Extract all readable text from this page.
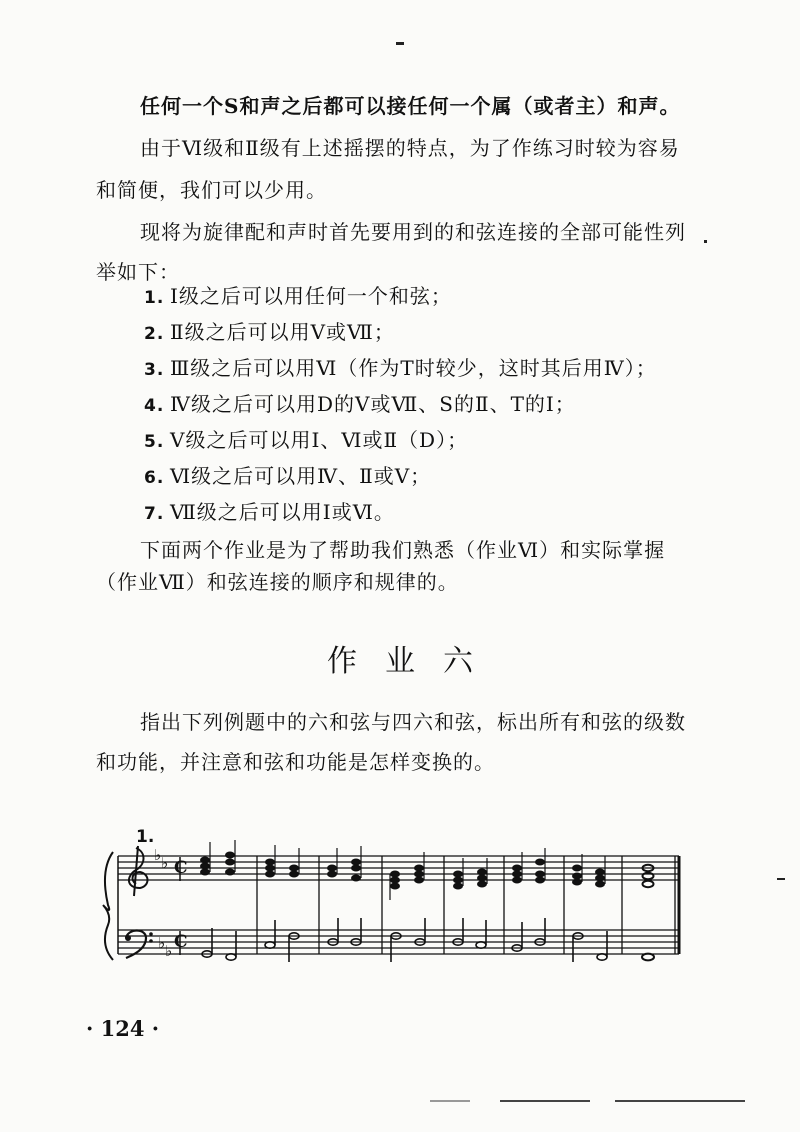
任何一个S和声之后都可以接任何一个属（或者主）和声。
由于Ⅵ级和Ⅱ级有上述摇摆的特点，为了作练习时较为容易
和简便，我们可以少用。
现将为旋律配和声时首先要用到的和弦连接的全部可能性列
举如下：
1. Ⅰ级之后可以用任何一个和弦；
2. Ⅱ级之后可以用Ⅴ或Ⅶ；
3. Ⅲ级之后可以用Ⅵ（作为T时较少，这时其后用Ⅳ）；
4. Ⅳ级之后可以用D的Ⅴ或Ⅶ、S的Ⅱ、T的Ⅰ；
5. Ⅴ级之后可以用Ⅰ、Ⅵ或Ⅱ（D）；
6. Ⅵ级之后可以用Ⅳ、Ⅱ或Ⅴ；
7. Ⅶ级之后可以用Ⅰ或Ⅵ。
下面两个作业是为了帮助我们熟悉（作业Ⅵ）和实际掌握
（作业Ⅶ）和弦连接的顺序和规律的。
作业六
指出下列例题中的六和弦与四六和弦，标出所有和弦的级数
和功能，并注意和弦和功能是怎样变换的。
1.
♭ ♭
♭ ♭
C
C
· 124 ·
